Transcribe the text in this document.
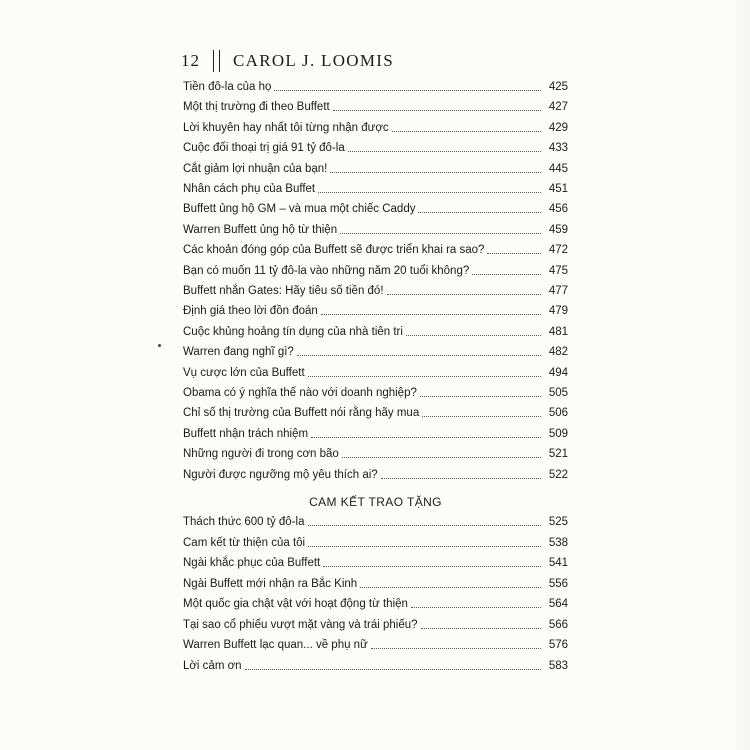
12 CAROL J. LOOMIS
Tiền đô-la của họ	425
Một thị trường đi theo Buffett	427
Lời khuyên hay nhất tôi từng nhận được	429
Cuộc đối thoại trị giá 91 tỷ đô-la	433
Cắt giảm lợi nhuận của bạn!	445
Nhân cách phụ của Buffet	451
Buffett ủng hộ GM – và mua một chiếc Caddy	456
Warren Buffett ủng hộ từ thiện	459
Các khoản đóng góp của Buffett sẽ được triển khai ra sao?	472
Bạn có muốn 11 tỷ đô-la vào những năm 20 tuổi không?	475
Buffett nhắn Gates: Hãy tiêu số tiền đó!	477
Định giá theo lời đồn đoán	479
Cuộc khủng hoảng tín dụng của nhà tiên tri	481
Warren đang nghĩ gì?	482
Vụ cược lớn của Buffett	494
Obama có ý nghĩa thế nào với doanh nghiệp?	505
Chỉ số thị trường của Buffett nói rằng hãy mua	506
Buffett nhận trách nhiệm	509
Những người đi trong cơn bão	521
Người được ngưỡng mộ yêu thích ai?	522
CAM KẾT TRAO TẶNG
Thách thức 600 tỷ đô-la	525
Cam kết từ thiện của tôi	538
Ngài khắc phục của Buffett	541
Ngài Buffett mới nhận ra Bắc Kinh	556
Một quốc gia chật vật với hoạt động từ thiện	564
Tại sao cổ phiếu vượt mặt vàng và trái phiếu?	566
Warren Buffett lạc quan... về phụ nữ	576
Lời cảm ơn	583
